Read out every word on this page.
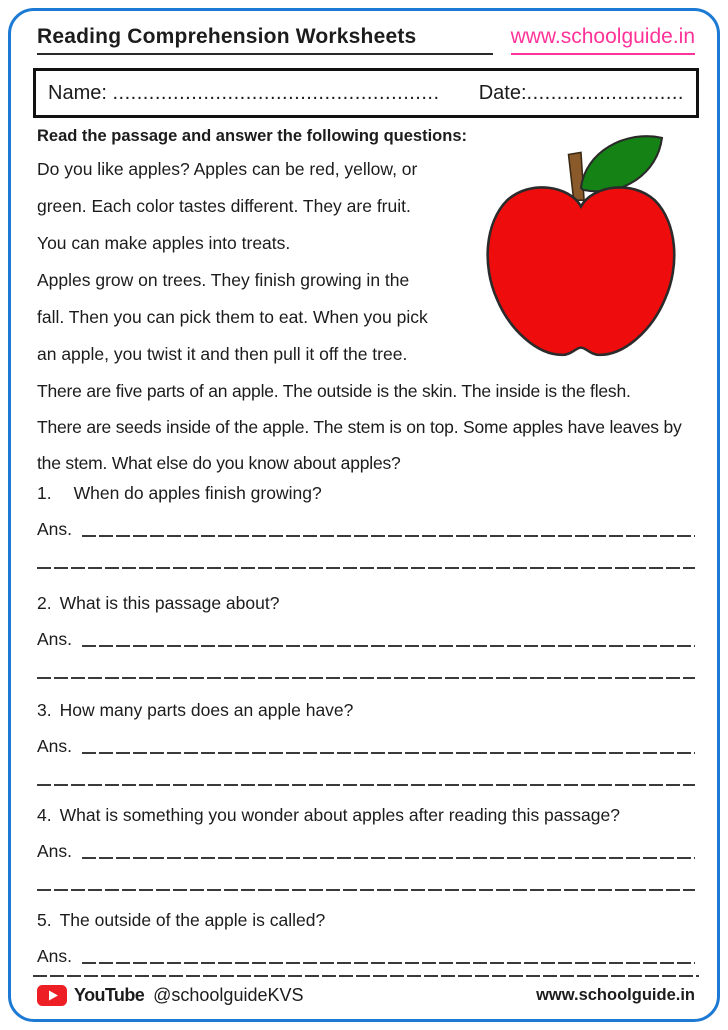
Reading Comprehension Worksheets	www.schoolguide.in
Name: ......................................................	Date:..........................
Read the passage and answer the following questions:
Do you like apples? Apples can be red, yellow, or
green. Each color tastes different. They are fruit.
You can make apples into treats.
Apples grow on trees. They finish growing in the
fall. Then you can pick them to eat. When you pick
an apple, you twist it and then pull it off the tree.
There are five parts of an apple. The outside is the skin. The inside is the flesh.
There are seeds inside of the apple. The stem is on top. Some apples have leaves by
the stem. What else do you know about apples?
1. When do apples finish growing?
Ans.
2. What is this passage about?
Ans.
3. How many parts does an apple have?
Ans.
4. What is something you wonder about apples after reading this passage?
Ans.
5. The outside of the apple is called?
Ans.
YouTube @schoolguideKVS	www.schoolguide.in
